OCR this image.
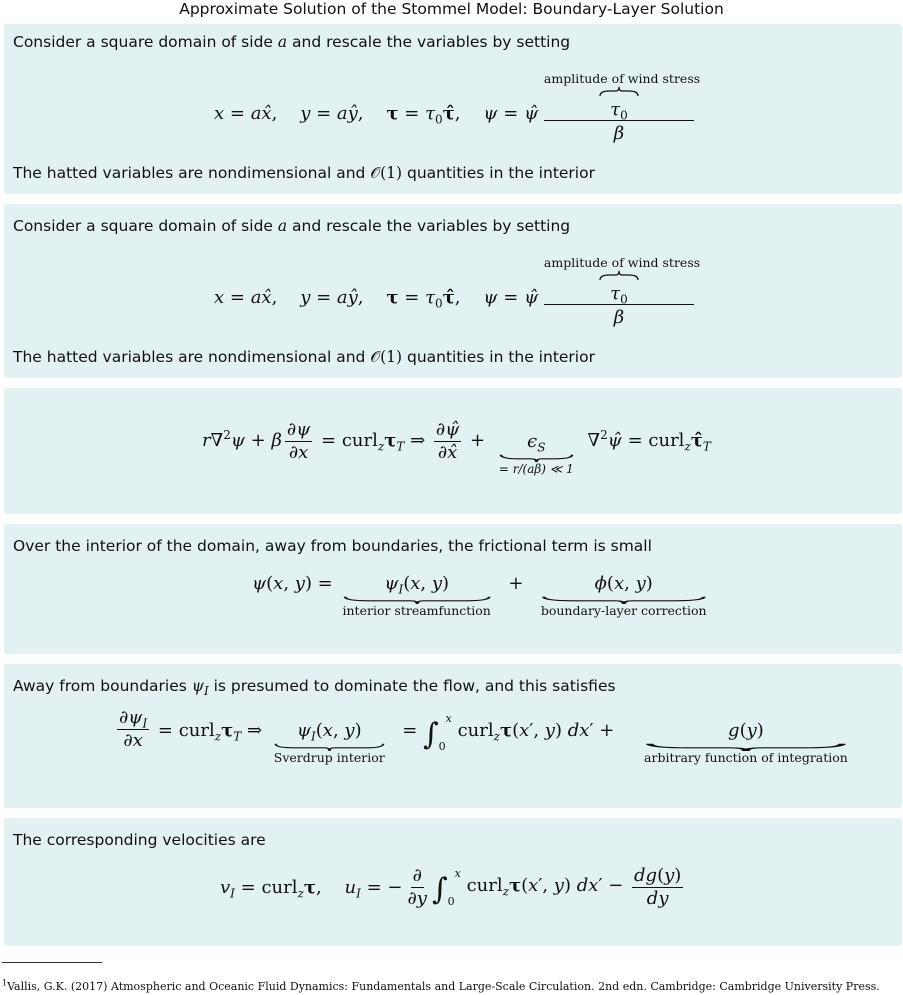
Approximate Solution of the Stommel Model: Boundary-Layer Solution
Consider a square domain of side a and rescale the variables by setting
x = ax̂,    y = aŷ,    $\tau = \tau_0\taû$,    ψ = ψ̂
amplitude of wind stress
$\tau_0$
β
The hatted variables are nondimensional and 𝒪(1) quantities in the interior
Consider a square domain of side a and rescale the variables by setting
x = ax̂,    y = aŷ,    $\tau = \tau_0\taû$,    ψ = ψ̂
amplitude of wind stress
$\tau_0$
β
The hatted variables are nondimensional and 𝒪(1) quantities in the interior
r∇$^2$ψ + β $\frac{\partial\psi}{\partial x}$ = $curl_z\tau_T$ ⇒ $\frac{\partial\psî}{\partial x̂} + \epsilon_S$
= r/(aβ) ≪ 1
∇$^2$ψ̂ = $curl_z\taû_T$
Over the interior of the domain, away from boundaries, the frictional term is small
ψ(x, y) =	$\psi_I(x$, y)
interior streamfunction
+	ϕ(x, y)
boundary-layer correction
Away from boundaries $\psi_I$ is presumed to dominate the flow, and this satisfies
$\frac{\partial\psi_I}{\partial x}$ = $curl_z\tau_T$ ⇒ $\psi_I(x$, y)
Sverdrup interior
= $\int_0^x$ curl$_z$τ(x′, y) dx′ +	g(y)
arbitrary function of integration
The corresponding velocities are
$v_I$ = curl$_z$τ,    $u_I$ = − $\frac{\partial}{\partial y} \int_0^x$ curl$_z$τ(x′, y) $dx' - \frac{dg(y)}{dy}$
$^1$Vallis, G.K. (2017) Atmospheric and Oceanic Fluid Dynamics: Fundamentals and Large-Scale Circulation. 2nd edn. Cambridge: Cambridge University Press.
